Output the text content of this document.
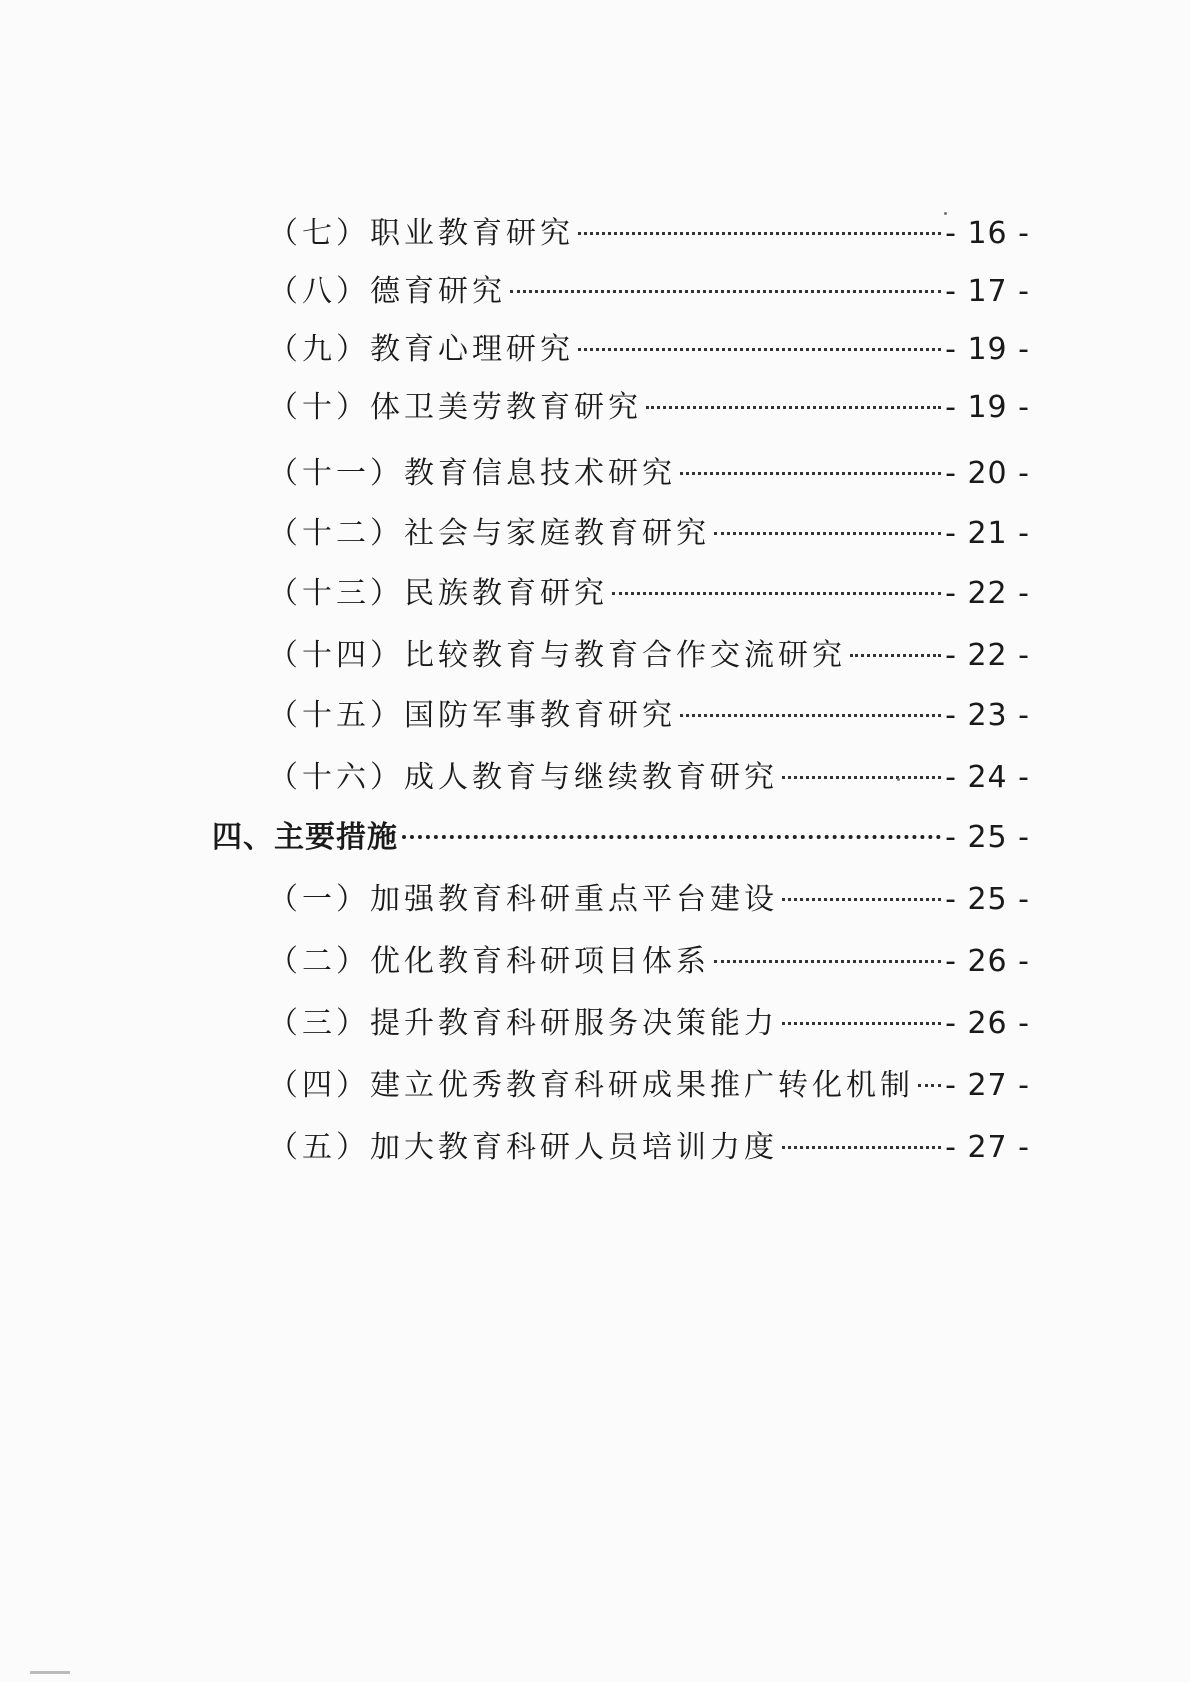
（七）职业教育研究	- 16 -
（八）德育研究	- 17 -
（九）教育心理研究	- 19 -
（十）体卫美劳教育研究	- 19 -
（十一）教育信息技术研究	- 20 -
（十二）社会与家庭教育研究	- 21 -
（十三）民族教育研究	- 22 -
（十四）比较教育与教育合作交流研究	- 22 -
（十五）国防军事教育研究	- 23 -
（十六）成人教育与继续教育研究	- 24 -
四、主要措施	- 25 -
（一）加强教育科研重点平台建设	- 25 -
（二）优化教育科研项目体系	- 26 -
（三）提升教育科研服务决策能力	- 26 -
（四）建立优秀教育科研成果推广转化机制 - 27 -
（五）加大教育科研人员培训力度	- 27 -
